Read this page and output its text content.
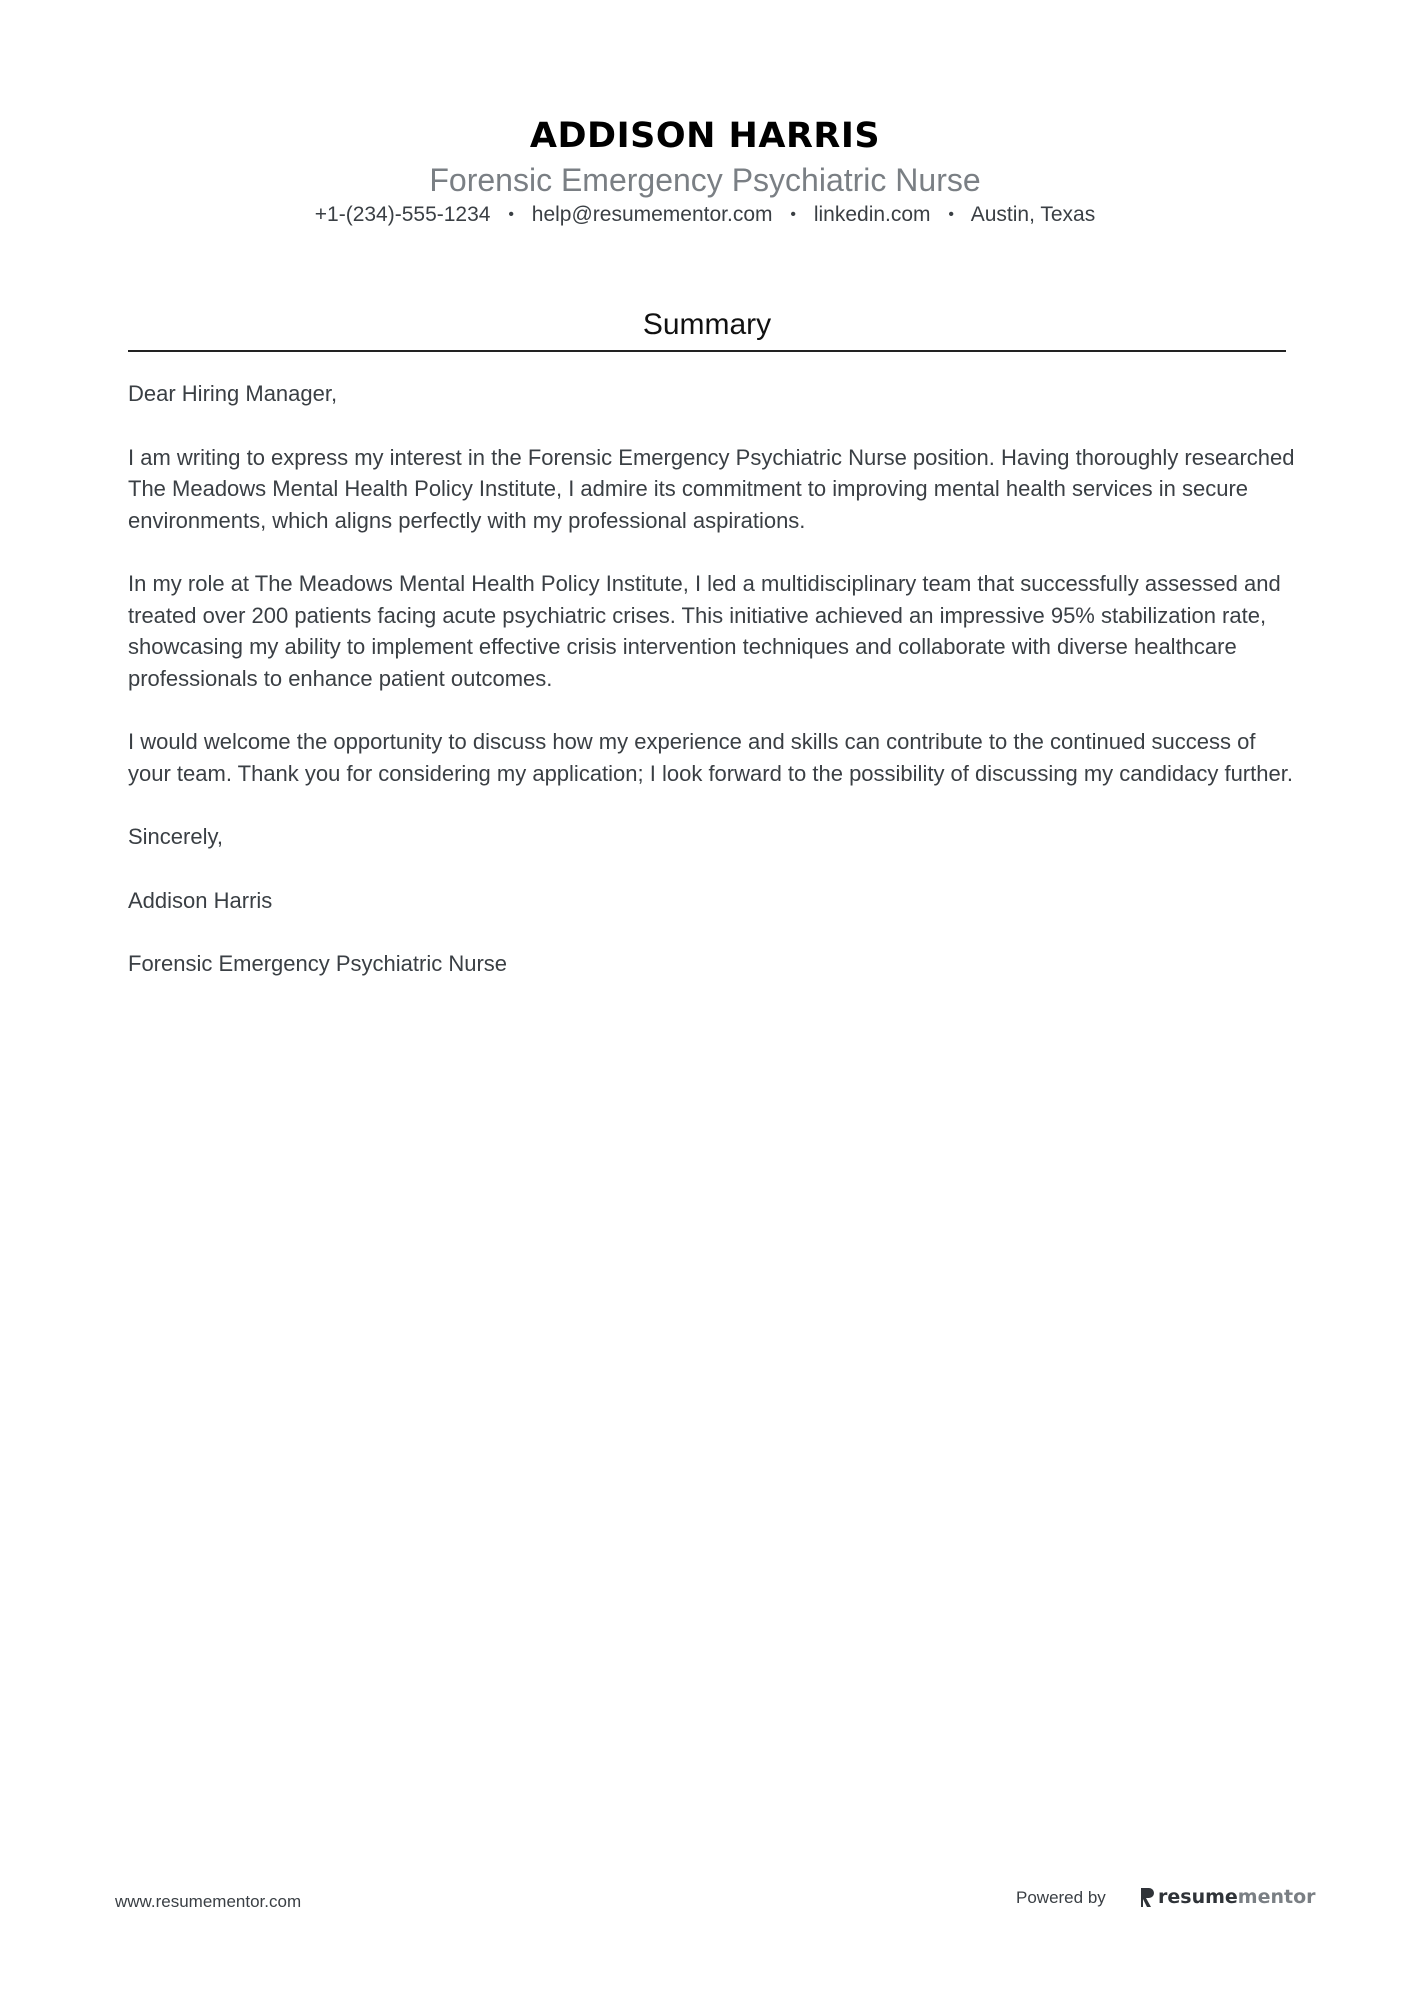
ADDISON HARRIS
Forensic Emergency Psychiatric Nurse
+1-(234)-555-1234 • help@resumementor.com • linkedin.com • Austin, Texas
Summary

Dear Hiring Manager,

I am writing to express my interest in the Forensic Emergency Psychiatric Nurse position. Having thoroughly researched The Meadows Mental Health Policy Institute, I admire its commitment to improving mental health services in secure environments, which aligns perfectly with my professional aspirations.

In my role at The Meadows Mental Health Policy Institute, I led a multidisciplinary team that successfully assessed and treated over 200 patients facing acute psychiatric crises. This initiative achieved an impressive 95% stabilization rate, showcasing my ability to implement effective crisis intervention techniques and collaborate with diverse healthcare professionals to enhance patient outcomes.

I would welcome the opportunity to discuss how my experience and skills can contribute to the continued success of your team. Thank you for considering my application; I look forward to the possibility of discussing my candidacy further.

Sincerely,

Addison Harris

Forensic Emergency Psychiatric Nurse

www.resumementor.com	Powered by	resumementor
